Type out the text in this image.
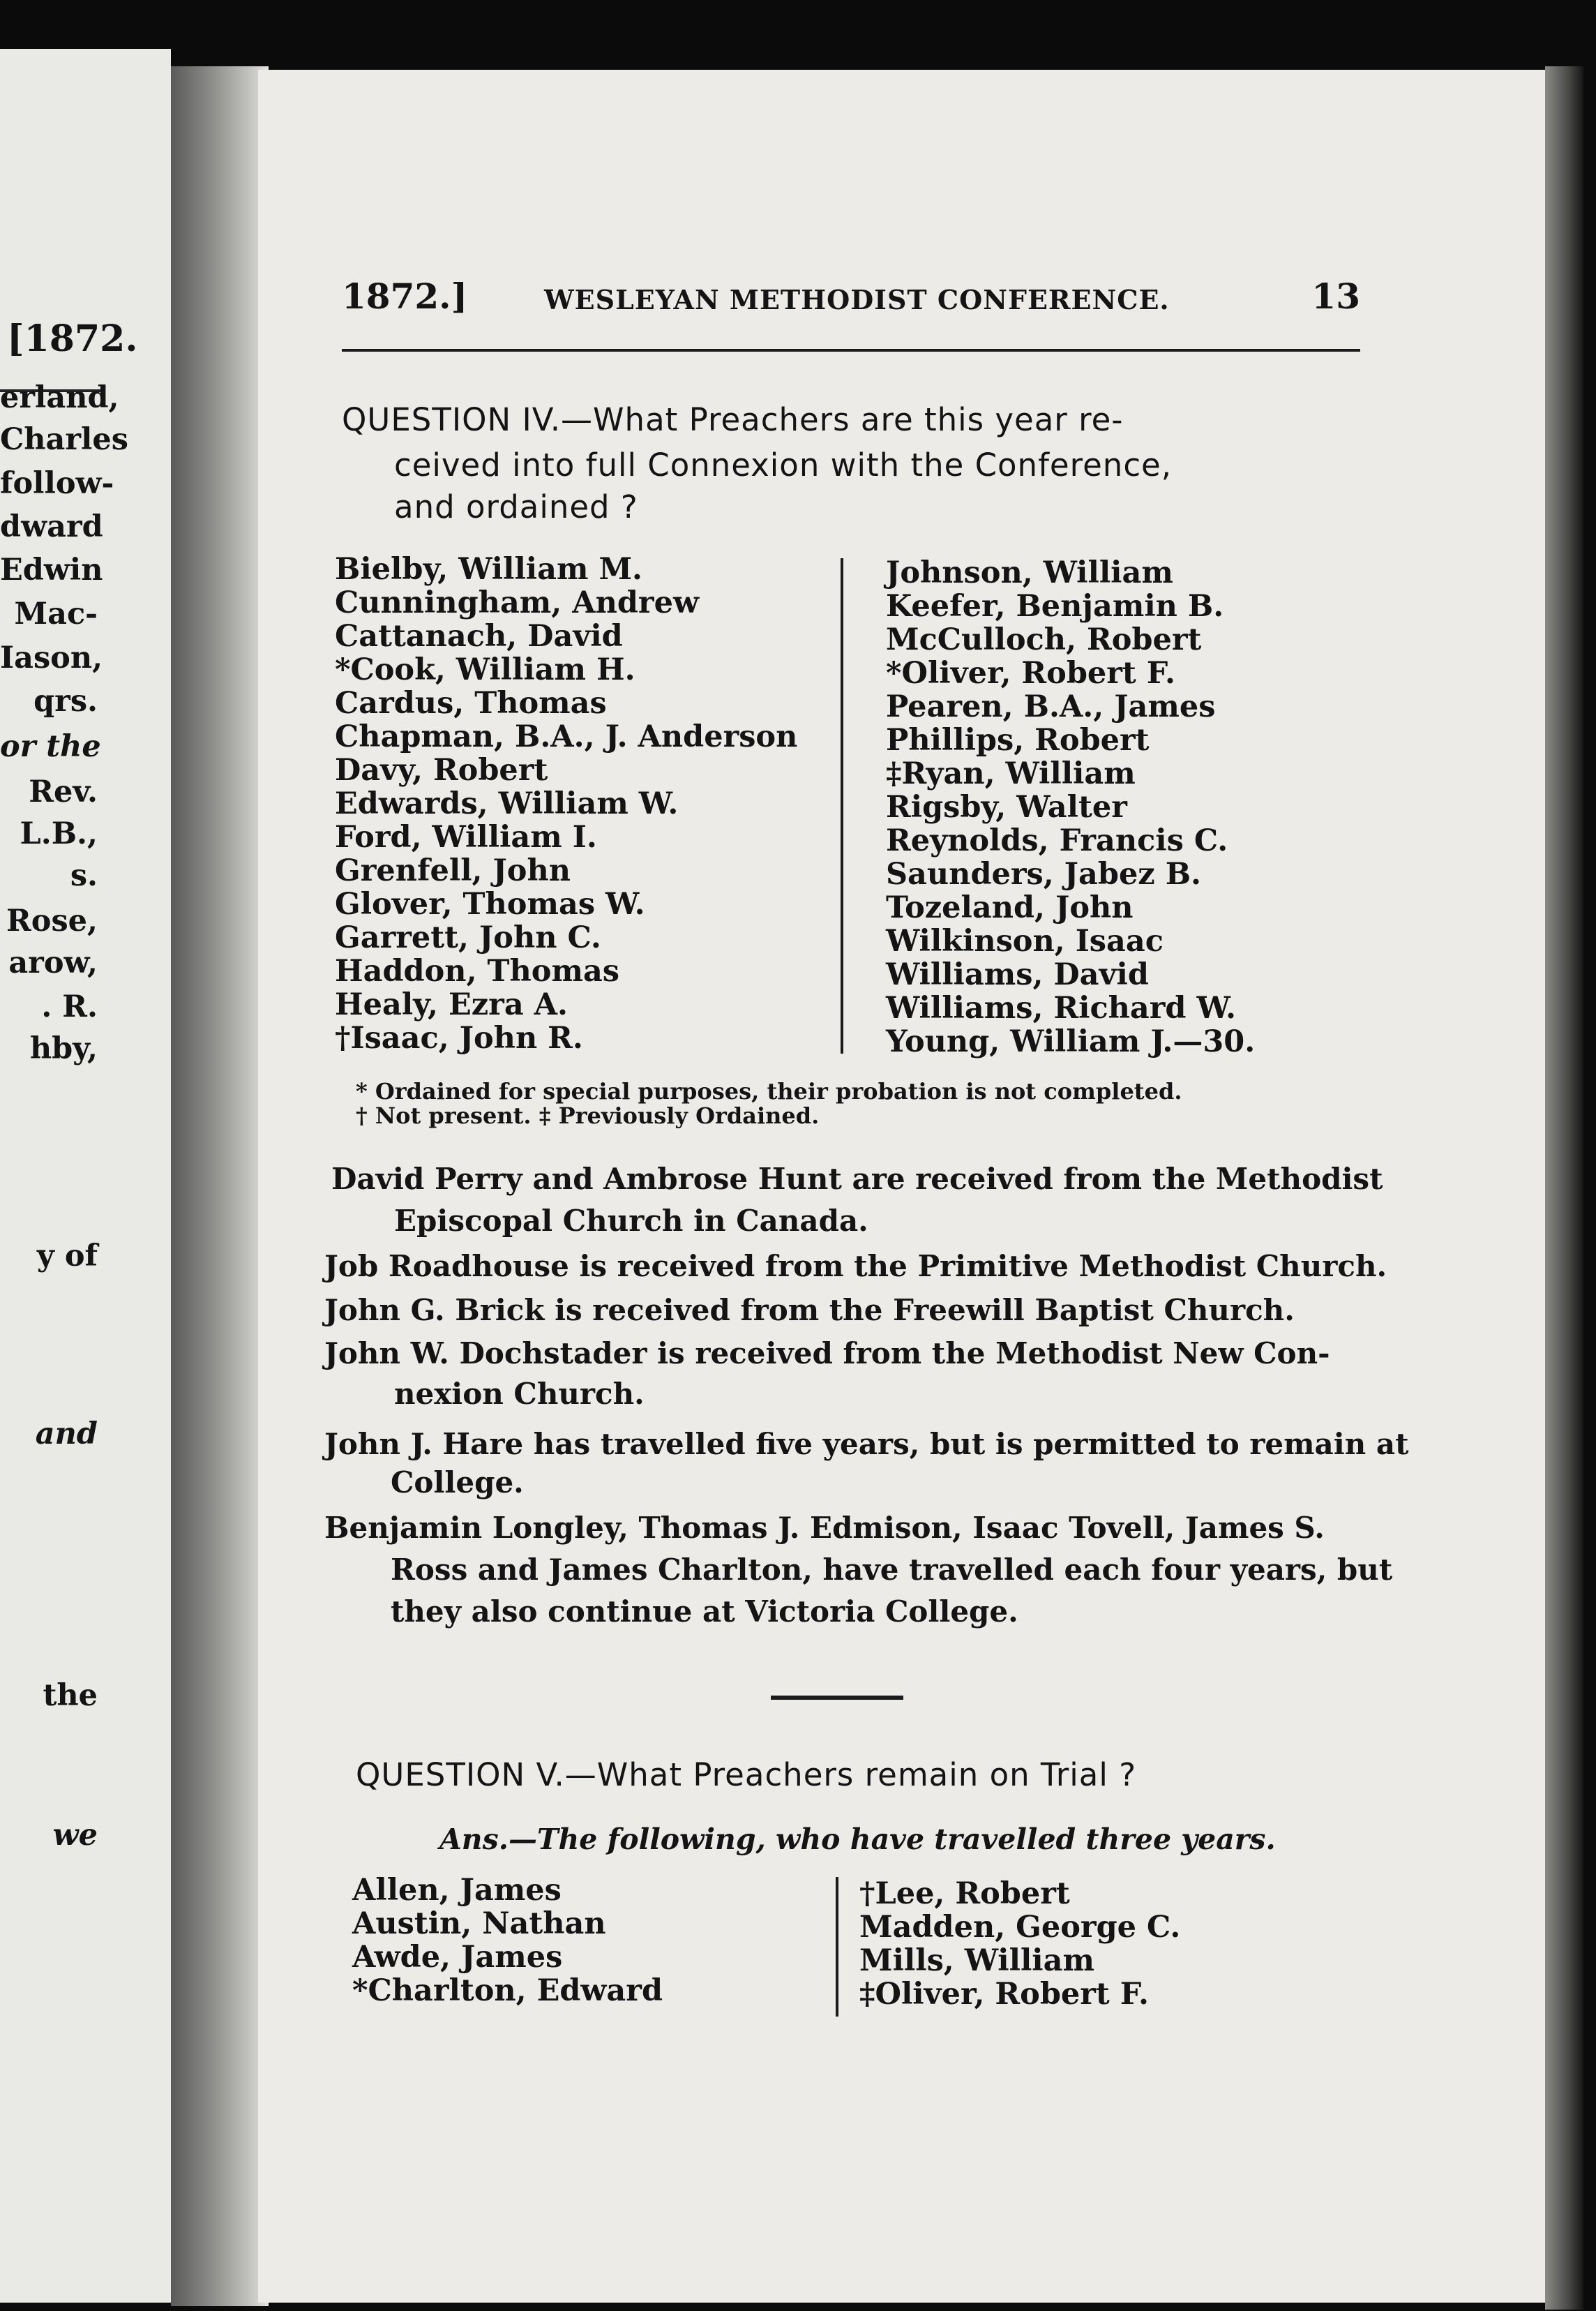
[1872.
erland,
Charles
follow-
dward
Edwin
Mac-
Iason,
qrs.
or the
Rev.
L.B.,
s.
Rose,
arow,
. R.
hby,
y of
and
the
we
1872.]	WESLEYAN METHODIST CONFERENCE.	13
QUESTION IV.—What Preachers are this year re-
ceived into full Connexion with the Conference,
and ordained ?
Bielby, William M.
Cunningham, Andrew
Cattanach, David
*Cook, William H.
Cardus, Thomas
Chapman, B.A., J. Anderson
Davy, Robert
Edwards, William W.
Ford, William I.
Grenfell, John
Glover, Thomas W.
Garrett, John C.
Haddon, Thomas
Healy, Ezra A.
†Isaac, John R.
Johnson, William
Keefer, Benjamin B.
McCulloch, Robert
*Oliver, Robert F.
Pearen, B.A., James
Phillips, Robert
‡Ryan, William
Rigsby, Walter
Reynolds, Francis C.
Saunders, Jabez B.
Tozeland, John
Wilkinson, Isaac
Williams, David
Williams, Richard W.
Young, William J.—30.
* Ordained for special purposes, their probation is not completed.
† Not present. ‡ Previously Ordained.
David Perry and Ambrose Hunt are received from the Methodist
Episcopal Church in Canada.
Job Roadhouse is received from the Primitive Methodist Church.
John G. Brick is received from the Freewill Baptist Church.
John W. Dochstader is received from the Methodist New Con-
nexion Church.
John J. Hare has travelled five years, but is permitted to remain at
College.
Benjamin Longley, Thomas J. Edmison, Isaac Tovell, James S.
Ross and James Charlton, have travelled each four years, but
they also continue at Victoria College.
QUESTION V.—What Preachers remain on Trial ?
Ans.—The following, who have travelled three years.
Allen, James
Austin, Nathan
Awde, James
*Charlton, Edward
†Lee, Robert
Madden, George C.
Mills, William
‡Oliver, Robert F.
